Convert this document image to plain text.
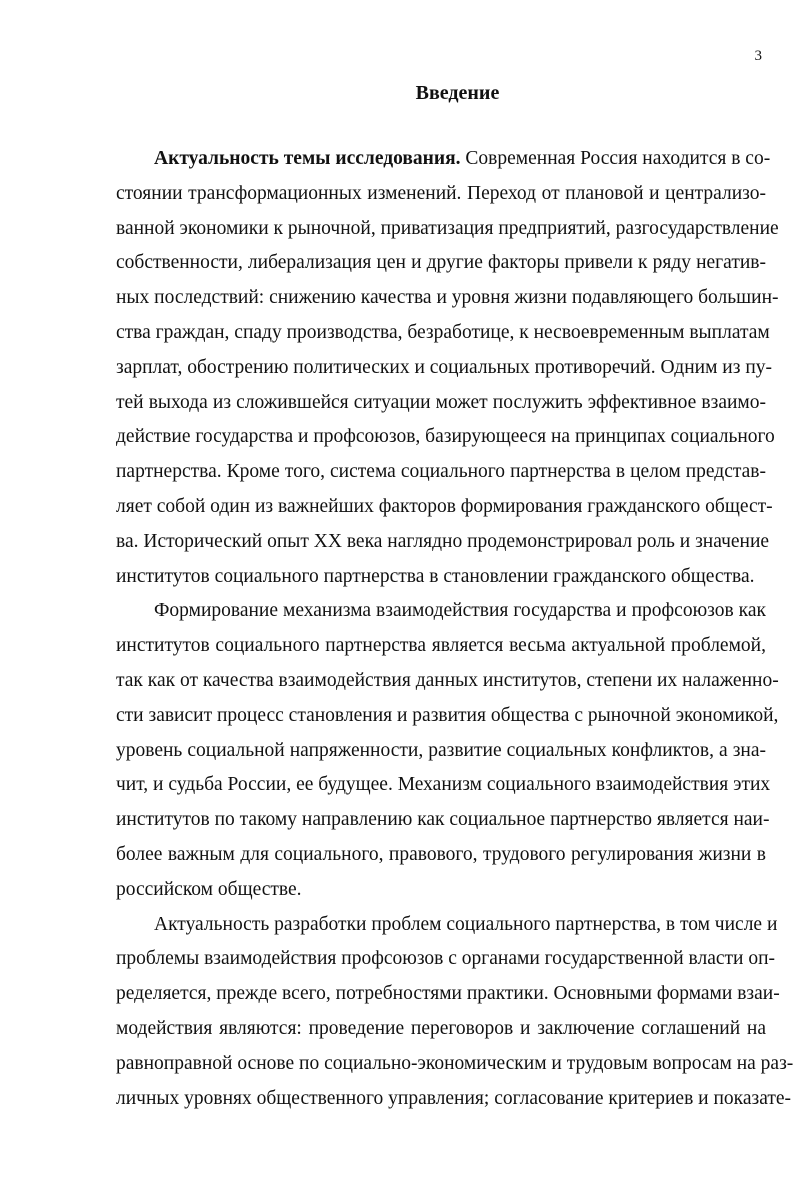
3
Введение
Актуальность темы исследования. Современная Россия находится в со-
стоянии трансформационных изменений. Переход от плановой и централизо-
ванной экономики к рыночной, приватизация предприятий, разгосударствление
собственности, либерализация цен и другие факторы привели к ряду негатив-
ных последствий: снижению качества и уровня жизни подавляющего большин-
ства граждан, спаду производства, безработице, к несвоевременным выплатам
зарплат, обострению политических и социальных противоречий. Одним из пу-
тей выхода из сложившейся ситуации может послужить эффективное взаимо-
действие государства и профсоюзов, базирующееся на принципах социального
партнерства. Кроме того, система социального партнерства в целом представ-
ляет собой один из важнейших факторов формирования гражданского общест-
ва. Исторический опыт XX века наглядно продемонстрировал роль и значение
институтов социального партнерства в становлении гражданского общества.
Формирование механизма взаимодействия государства и профсоюзов как
институтов социального партнерства является весьма актуальной проблемой,
так как от качества взаимодействия данных институтов, степени их налаженно-
сти зависит процесс становления и развития общества с рыночной экономикой,
уровень социальной напряженности, развитие социальных конфликтов, а зна-
чит, и судьба России, ее будущее. Механизм социального взаимодействия этих
институтов по такому направлению как социальное партнерство является наи-
более важным для социального, правового, трудового регулирования жизни в
российском обществе.
Актуальность разработки проблем социального партнерства, в том числе и
проблемы взаимодействия профсоюзов с органами государственной власти оп-
ределяется, прежде всего, потребностями практики. Основными формами взаи-
модействия являются: проведение переговоров и заключение соглашений на
равноправной основе по социально-экономическим и трудовым вопросам на раз-
личных уровнях общественного управления; согласование критериев и показате-
